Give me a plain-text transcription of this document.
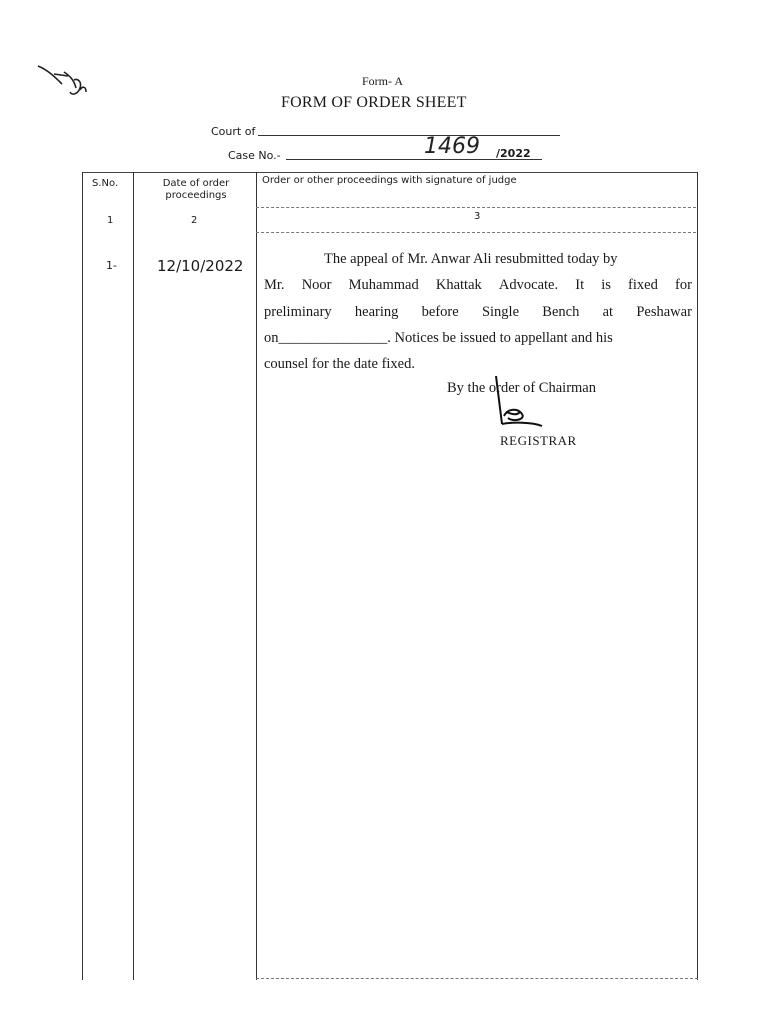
Form- A
FORM OF ORDER SHEET
Court of
Case No.-	1469 /2022
S.No.	Date of order proceedings
Order or other proceedings with signature of judge
1	2	3
1-	12/10/2022	The appeal of Mr. Anwar Ali resubmitted today by
Mr. Noor Muhammad Khattak Advocate. It is fixed for
preliminary hearing before Single Bench at Peshawar
on_______________. Notices be issued to appellant and his
counsel for the date fixed.
By the order of Chairman
REGISTRAR
